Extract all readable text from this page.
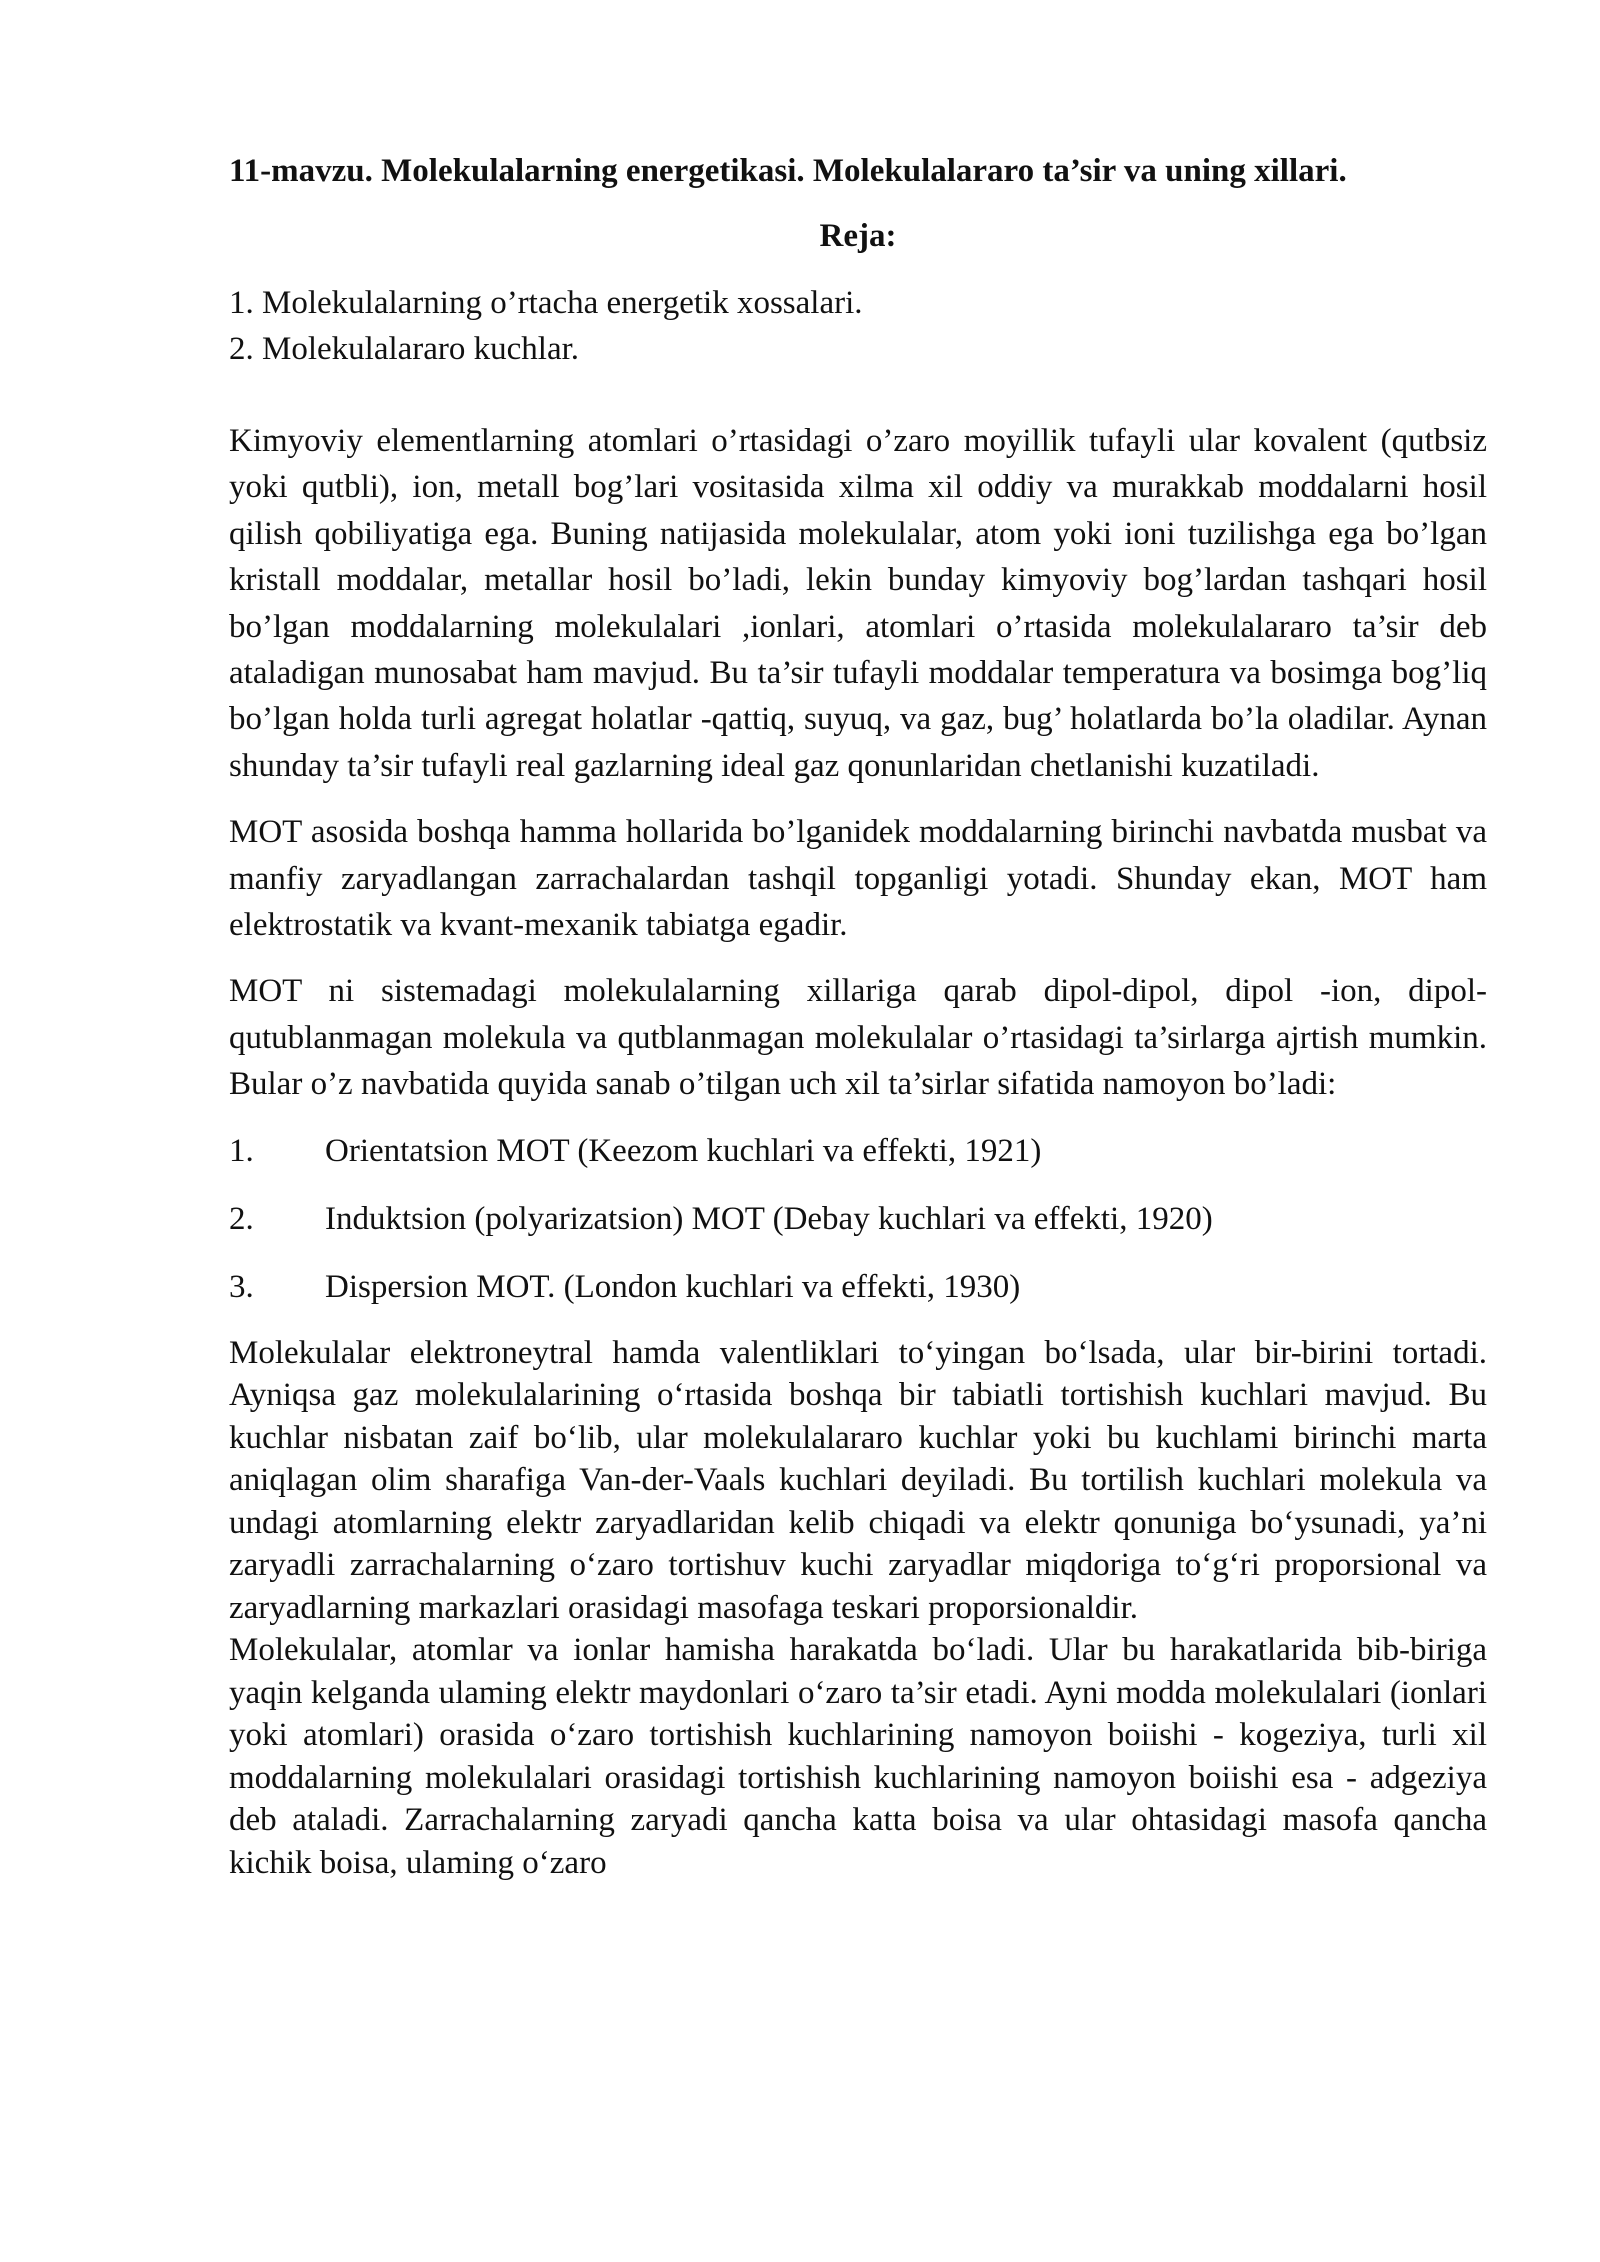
11-mavzu. Molekulalarning energetikasi. Molekulalararo ta’sir va uning xillari.

Reja:

1. Molekulalarning o’rtacha energetik xossalari.
2. Molekulalararo kuchlar.

Kimyoviy elementlarning atomlari o’rtasidagi o’zaro moyillik tufayli ular kovalent (qutbsiz yoki qutbli), ion, metall bog’lari vositasida xilma xil oddiy va murakkab moddalarni hosil qilish qobiliyatiga ega. Buning natijasida molekulalar, atom yoki ioni tuzilishga ega bo’lgan kristall moddalar, metallar hosil bo’ladi, lekin bunday kimyoviy bog’lardan tashqari hosil bo’lgan moddalarning molekulalari ,ionlari, atomlari o’rtasida molekulalararo ta’sir deb ataladigan munosabat ham mavjud. Bu ta’sir tufayli moddalar temperatura va bosimga bog’liq bo’lgan holda turli agregat holatlar -qattiq, suyuq, va gaz, bug’ holatlarda bo’la oladilar. Aynan shunday ta’sir tufayli real gazlarning ideal gaz qonunlaridan chetlanishi kuzatiladi.

MOT asosida boshqa hamma hollarida bo’lganidek moddalarning birinchi navbatda musbat va manfiy zaryadlangan zarrachalardan tashqil topganligi yotadi. Shunday ekan, MOT ham elektrostatik va kvant-mexanik tabiatga egadir.

MOT ni sistemadagi molekulalarning xillariga qarab dipol-dipol, dipol -ion, dipol-qutublanmagan molekula va qutblanmagan molekulalar o’rtasidagi ta’sirlarga ajrtish mumkin. Bular o’z navbatida quyida sanab o’tilgan uch xil ta’sirlar sifatida namoyon bo’ladi:

1.	Orientatsion MOT (Keezom kuchlari va effekti, 1921)
2.	Induktsion (polyarizatsion) MOT (Debay kuchlari va effekti, 1920)
3.	Dispersion MOT. (London kuchlari va effekti, 1930)

Molekulalar elektroneytral hamda valentliklari to‘yingan bo‘lsada, ular bir-birini tortadi. Ayniqsa gaz molekulalarining o‘rtasida boshqa bir tabiatli tortishish kuchlari mavjud. Bu kuchlar nisbatan zaif bo‘lib, ular molekulalararo kuchlar yoki bu kuchlami birinchi marta aniqlagan olim sharafiga Van-der-Vaals kuchlari deyiladi. Bu tortilish kuchlari molekula va undagi atomlarning elektr zaryadlaridan kelib chiqadi va elektr qonuniga bo‘ysunadi, ya’ni zaryadli zarrachalarning o‘zaro tortishuv kuchi zaryadlar miqdoriga to‘g‘ri proporsional va zaryadlarning markazlari orasidagi masofaga teskari proporsionaldir.

Molekulalar, atomlar va ionlar hamisha harakatda bo‘ladi. Ular bu harakatlarida bib-biriga yaqin kelganda ulaming elektr maydonlari o‘zaro ta’sir etadi. Ayni modda molekulalari (ionlari yoki atomlari) orasida o‘zaro tortishish kuchlarining namoyon boiishi - kogeziya, turli xil moddalarning molekulalari orasidagi tortishish kuchlarining namoyon boiishi esa - adgeziya deb ataladi. Zarrachalarning zaryadi qancha katta boisa va ular ohtasidagi masofa qancha kichik boisa, ulaming o‘zaro
